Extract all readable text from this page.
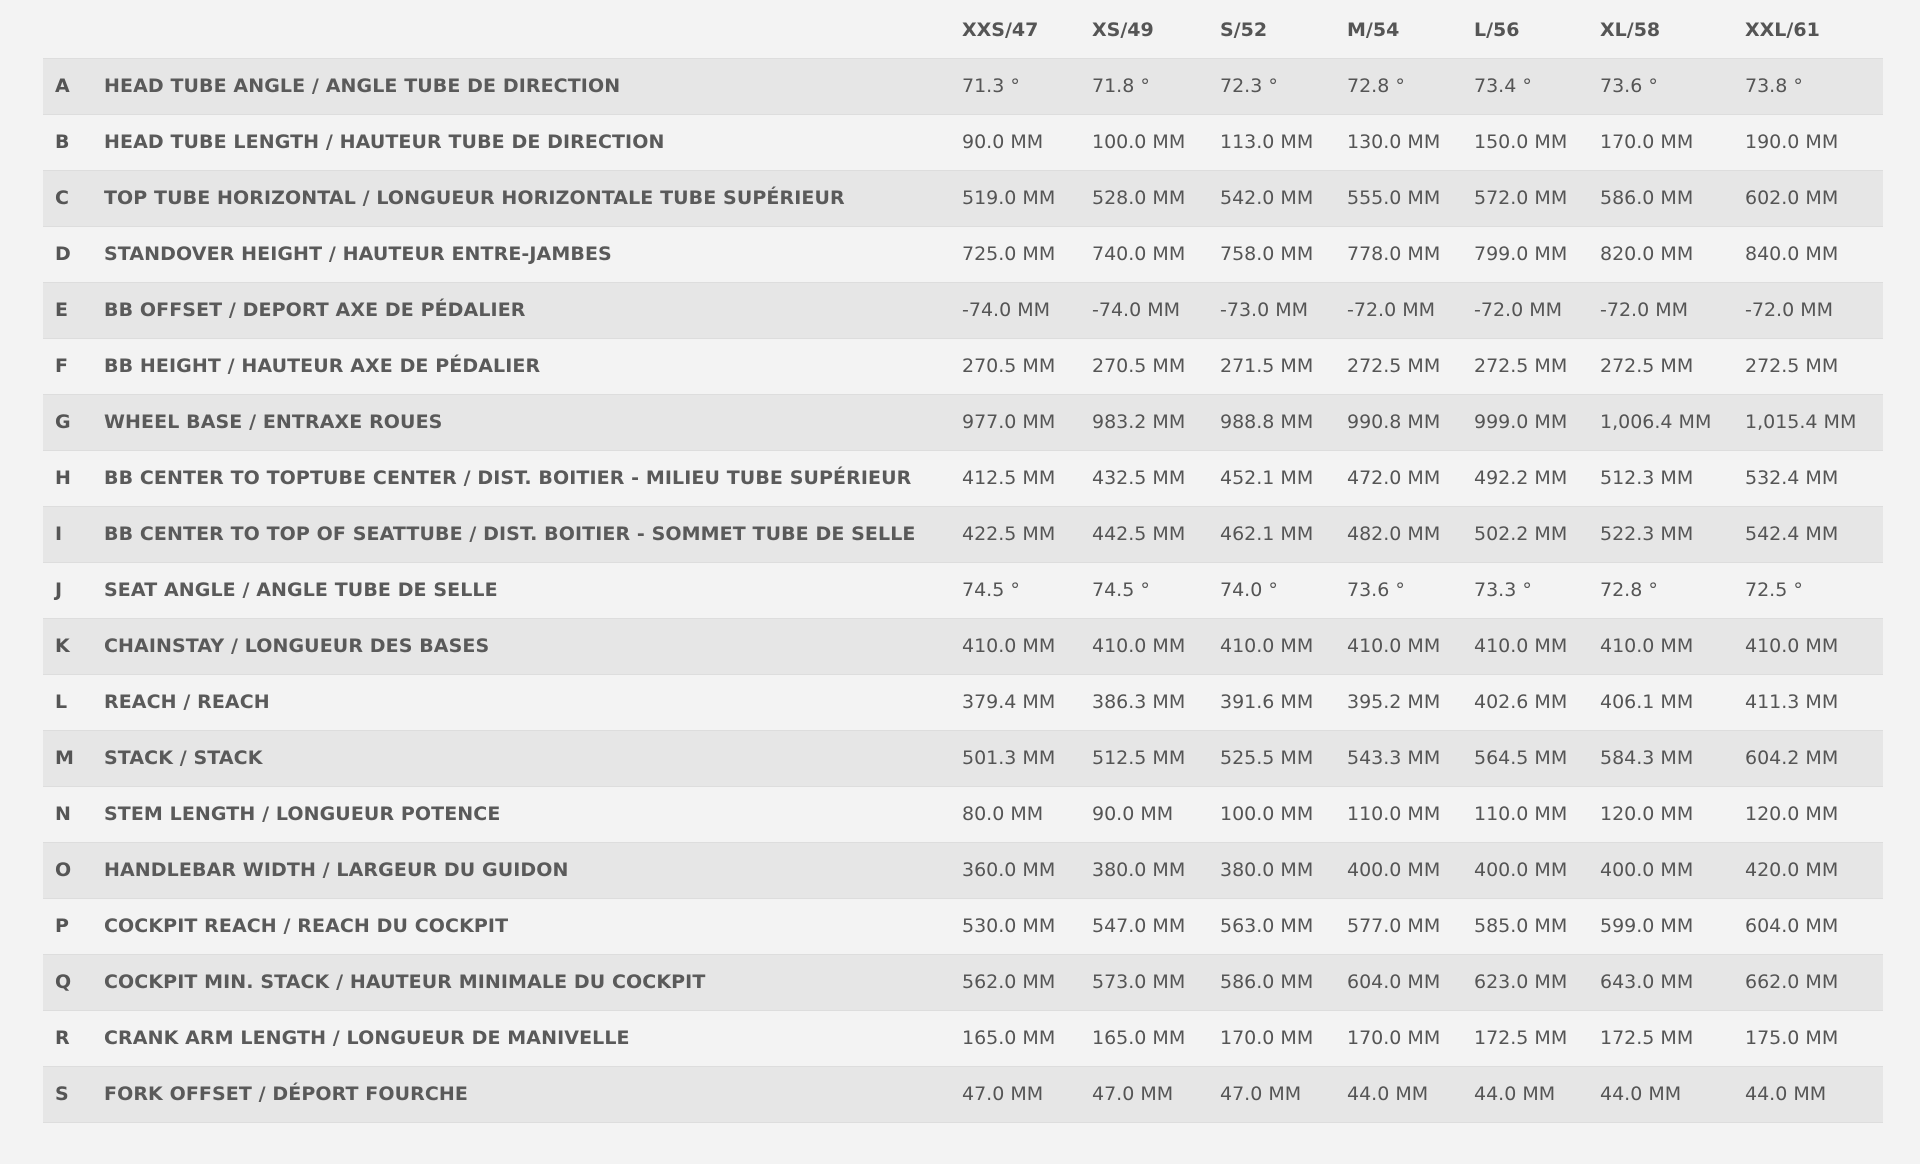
		XXS/47	XS/49	S/52	M/54	L/56	XL/58	XXL/61
A	HEAD TUBE ANGLE / ANGLE TUBE DE DIRECTION	71.3 °	71.8 °	72.3 °	72.8 °	73.4 °	73.6 °	73.8 °
B	HEAD TUBE LENGTH / HAUTEUR TUBE DE DIRECTION	90.0 MM	100.0 MM	113.0 MM	130.0 MM	150.0 MM	170.0 MM	190.0 MM
C	TOP TUBE HORIZONTAL / LONGUEUR HORIZONTALE TUBE SUPÉRIEUR	519.0 MM	528.0 MM	542.0 MM	555.0 MM	572.0 MM	586.0 MM	602.0 MM
D	STANDOVER HEIGHT / HAUTEUR ENTRE-JAMBES	725.0 MM	740.0 MM	758.0 MM	778.0 MM	799.0 MM	820.0 MM	840.0 MM
E	BB OFFSET / DEPORT AXE DE PÉDALIER	-74.0 MM	-74.0 MM	-73.0 MM	-72.0 MM	-72.0 MM	-72.0 MM	-72.0 MM
F	BB HEIGHT / HAUTEUR AXE DE PÉDALIER	270.5 MM	270.5 MM	271.5 MM	272.5 MM	272.5 MM	272.5 MM	272.5 MM
G	WHEEL BASE / ENTRAXE ROUES	977.0 MM	983.2 MM	988.8 MM	990.8 MM	999.0 MM	1,006.4 MM	1,015.4 MM
H	BB CENTER TO TOPTUBE CENTER / DIST. BOITIER - MILIEU TUBE SUPÉRIEUR	412.5 MM	432.5 MM	452.1 MM	472.0 MM	492.2 MM	512.3 MM	532.4 MM
I	BB CENTER TO TOP OF SEATTUBE / DIST. BOITIER - SOMMET TUBE DE SELLE	422.5 MM	442.5 MM	462.1 MM	482.0 MM	502.2 MM	522.3 MM	542.4 MM
J	SEAT ANGLE / ANGLE TUBE DE SELLE	74.5 °	74.5 °	74.0 °	73.6 °	73.3 °	72.8 °	72.5 °
K	CHAINSTAY / LONGUEUR DES BASES	410.0 MM	410.0 MM	410.0 MM	410.0 MM	410.0 MM	410.0 MM	410.0 MM
L	REACH / REACH	379.4 MM	386.3 MM	391.6 MM	395.2 MM	402.6 MM	406.1 MM	411.3 MM
M	STACK / STACK	501.3 MM	512.5 MM	525.5 MM	543.3 MM	564.5 MM	584.3 MM	604.2 MM
N	STEM LENGTH / LONGUEUR POTENCE	80.0 MM	90.0 MM	100.0 MM	110.0 MM	110.0 MM	120.0 MM	120.0 MM
O	HANDLEBAR WIDTH / LARGEUR DU GUIDON	360.0 MM	380.0 MM	380.0 MM	400.0 MM	400.0 MM	400.0 MM	420.0 MM
P	COCKPIT REACH / REACH DU COCKPIT	530.0 MM	547.0 MM	563.0 MM	577.0 MM	585.0 MM	599.0 MM	604.0 MM
Q	COCKPIT MIN. STACK / HAUTEUR MINIMALE DU COCKPIT	562.0 MM	573.0 MM	586.0 MM	604.0 MM	623.0 MM	643.0 MM	662.0 MM
R	CRANK ARM LENGTH / LONGUEUR DE MANIVELLE	165.0 MM	165.0 MM	170.0 MM	170.0 MM	172.5 MM	172.5 MM	175.0 MM
S	FORK OFFSET / DÉPORT FOURCHE	47.0 MM	47.0 MM	47.0 MM	44.0 MM	44.0 MM	44.0 MM	44.0 MM
